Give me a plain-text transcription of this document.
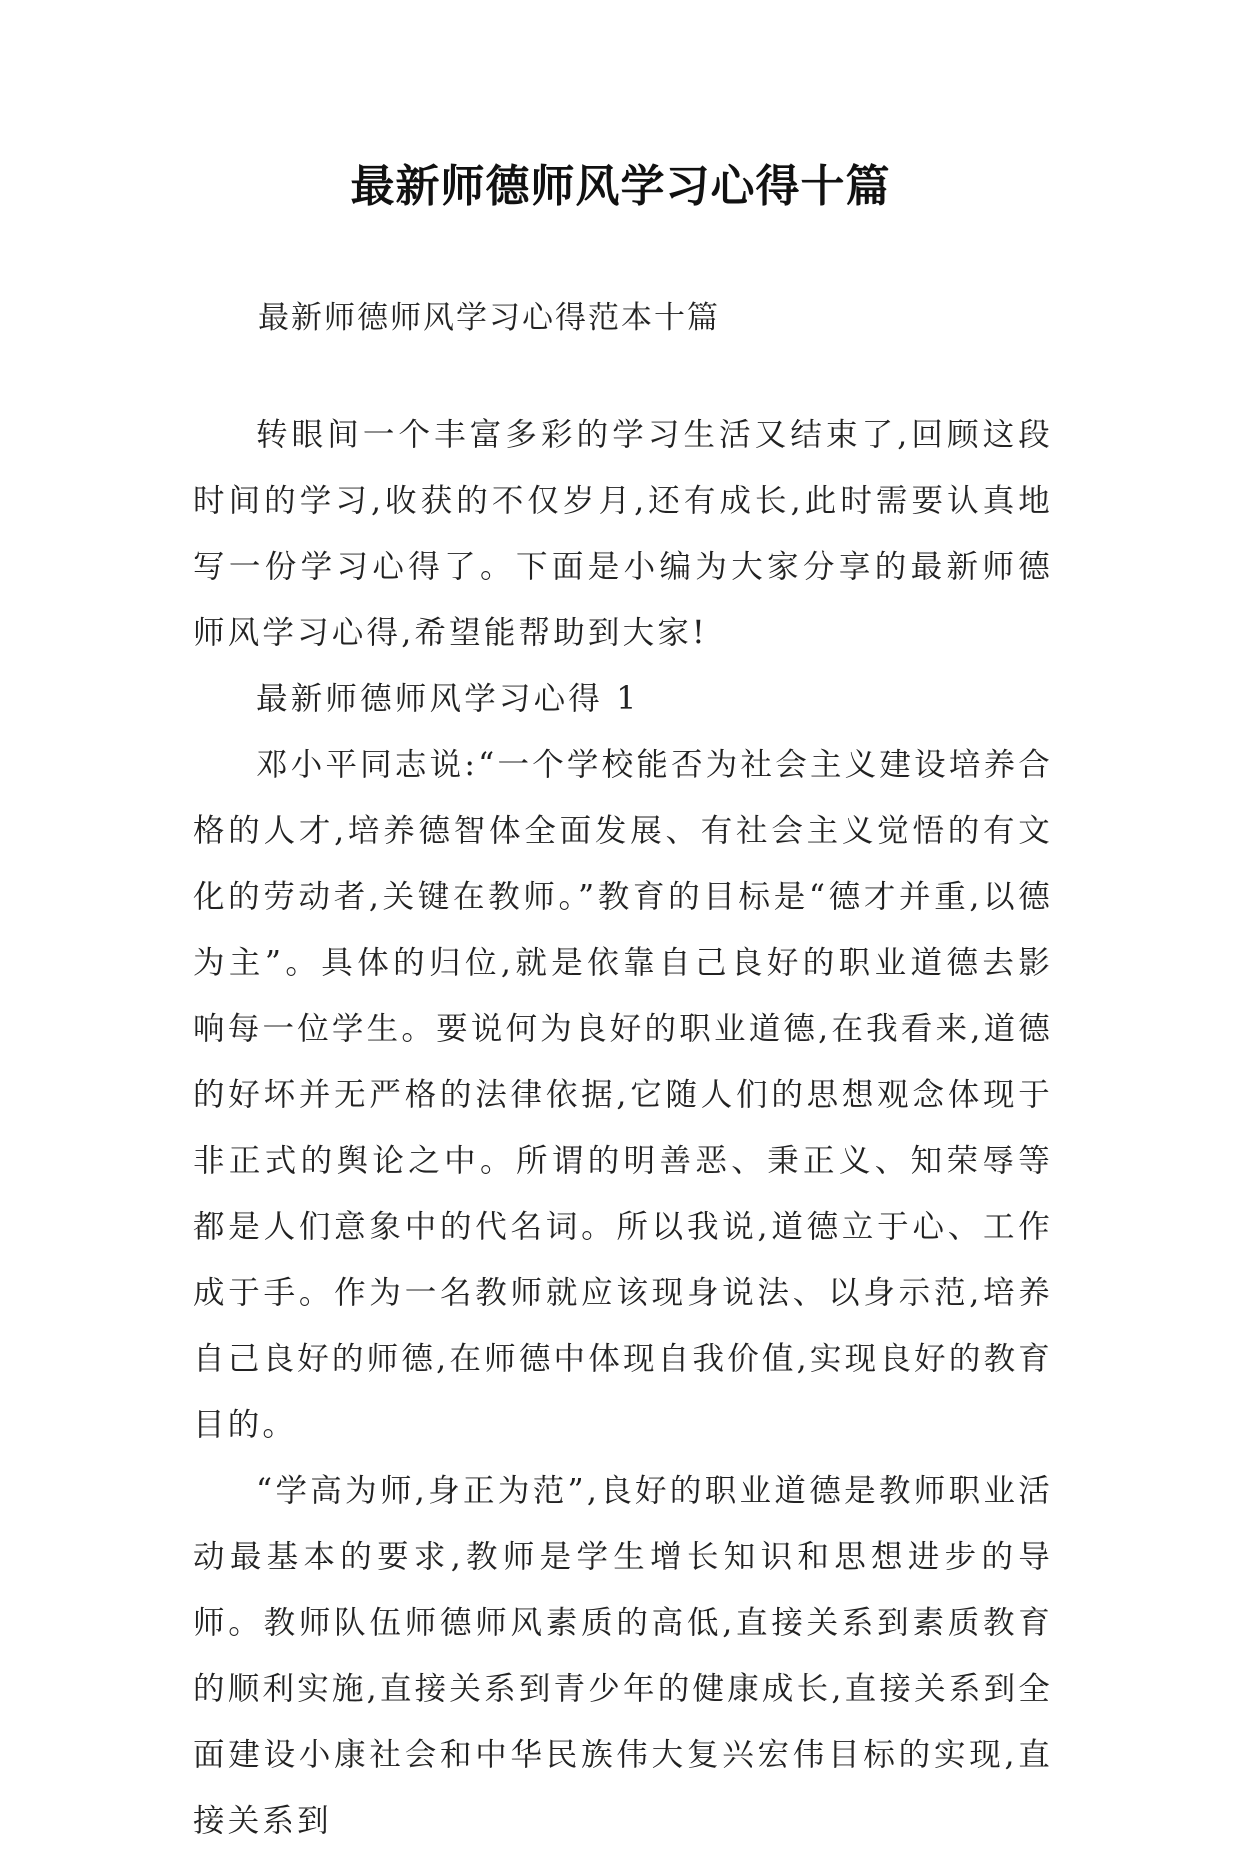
最新师德师风学习心得十篇

最新师德师风学习心得范本十篇

转眼间一个丰富多彩的学习生活又结束了,回顾这段时间的学习,收获的不仅岁月,还有成长,此时需要认真地写一份学习心得了。下面是小编为大家分享的最新师德师风学习心得,希望能帮助到大家!

最新师德师风学习心得 1

邓小平同志说:“一个学校能否为社会主义建设培养合格的人才,培养德智体全面发展、有社会主义觉悟的有文化的劳动者,关键在教师。”教育的目标是“德才并重,以德为主”。具体的归位,就是依靠自己良好的职业道德去影响每一位学生。要说何为良好的职业道德,在我看来,道德的好坏并无严格的法律依据,它随人们的思想观念体现于非正式的舆论之中。所谓的明善恶、秉正义、知荣辱等都是人们意象中的代名词。所以我说,道德立于心、工作成于手。作为一名教师就应该现身说法、以身示范,培养自己良好的师德,在师德中体现自我价值,实现良好的教育目的。

“学高为师,身正为范”,良好的职业道德是教师职业活动最基本的要求,教师是学生增长知识和思想进步的导师。教师队伍师德师风素质的高低,直接关系到素质教育的顺利实施,直接关系到青少年的健康成长,直接关系到全面建设小康社会和中华民族伟大复兴宏伟目标的实现,直接关系到
